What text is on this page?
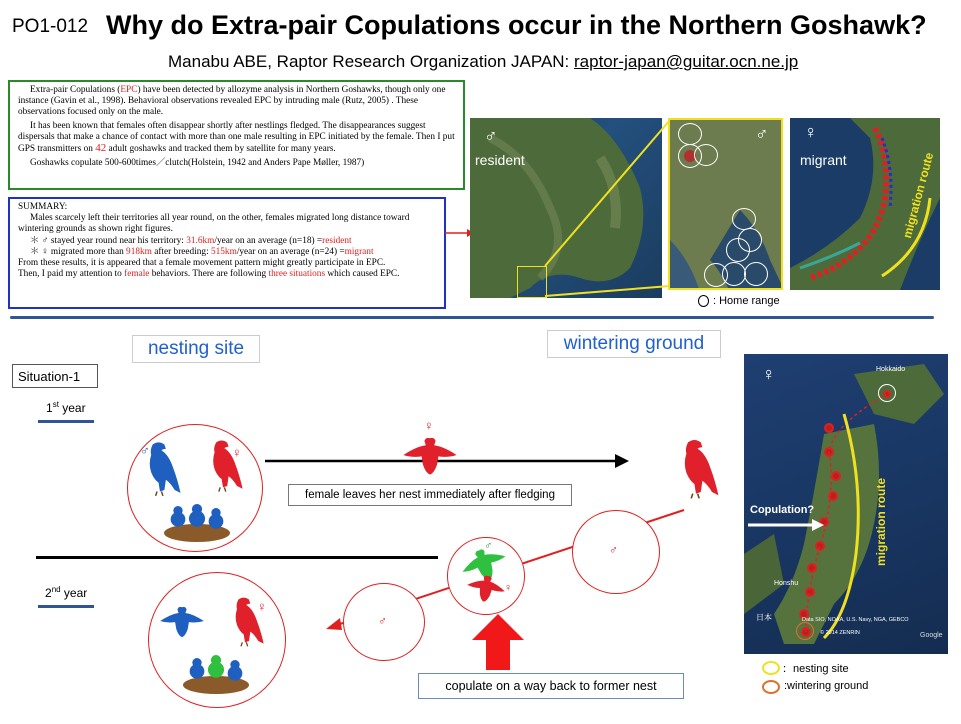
PO1-012 Why do Extra-pair Copulations occur in the Northern Goshawk?
Manabu ABE, Raptor Research Organization JAPAN: raptor-japan@guitar.ocn.ne.jp
Extra-pair Copulations (EPC) have been detected by allozyme analysis in Northern Goshawks, though only one instance (Gavin et al., 1998). Behavioral observations revealed EPC by intruding male (Rutz, 2005) . These observations focused only on the male.
It has been known that females often disappear shortly after nestlings fledged. The disappearances suggest dispersals that make a chance of contact with more than one male resulting in EPC initiated by the female. Then I put GPS transmitters on 42 adult goshawks and tracked them by satellite for many years.
Goshawks copulate 500-600times／clutch(Holstein, 1942 and Anders Pape Møller, 1987)
SUMMARY:
Males scarcely left their territories all year round, on the other, females migrated long distance toward wintering grounds as shown right figures.
＊ ♂ stayed year round near his territory: 31.6km/year on an average (n=18) =resident
＊ ♀ migrated more than 918km after breeding: 515km/year on an average (n=24) =migrant
From these results, it is appeared that a female movement pattern might greatly participate in EPC.
Then, I paid my attention to female behaviors. There are following three situations which caused EPC.
♂
resident
♂ ♀
migrant	migration route
: Home range
nesting site	wintering ground
Situation-1
1st year
2nd year
♂	♀
♀
female leaves her nest immediately after fledging
♂
♂
♂
♀
copulate on a way back to former nest
♀
♀	Hokkaido
Copulation?	migration route
Honshu
日本	Data SIO, NOAA, U.S. Navy, NGA, GEBCO
© 2014 ZENRIN	Google
：nesting site
:wintering ground
